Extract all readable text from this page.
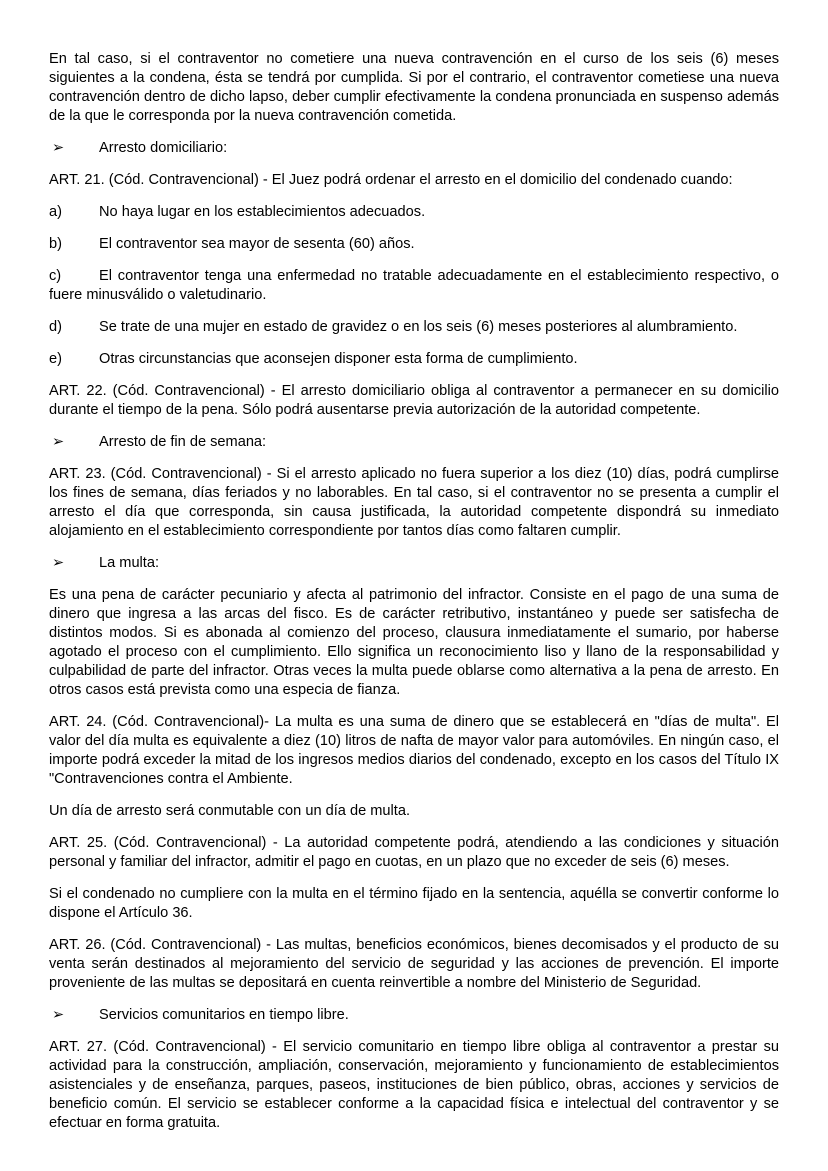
En tal caso, si el contraventor no cometiere una nueva contravención en el curso de los seis (6) meses siguientes a la condena, ésta se tendrá por cumplida. Si por el contrario, el contraventor cometiese una nueva contravención dentro de dicho lapso, deber cumplir efectivamente la condena pronunciada en suspenso además de la que le corresponda por la nueva contravención cometida.

➢	Arresto domiciliario:

ART. 21. (Cód. Contravencional) - El Juez podrá ordenar el arresto en el domicilio del condenado cuando:

a)	No haya lugar en los establecimientos adecuados.
b)	El contraventor sea mayor de sesenta (60) años.

c)	El contraventor tenga una enfermedad no tratable adecuadamente en el establecimiento respectivo, o fuere minusválido o valetudinario.

d)	Se trate de una mujer en estado de gravidez o en los seis (6) meses posteriores al alumbramiento.
e)	Otras circunstancias que aconsejen disponer esta forma de cumplimiento.

ART. 22. (Cód. Contravencional) - El arresto domiciliario obliga al contraventor a permanecer en su domicilio durante el tiempo de la pena. Sólo podrá ausentarse previa autorización de la autoridad competente.

➢	Arresto de fin de semana:

ART. 23. (Cód. Contravencional) - Si el arresto aplicado no fuera superior a los diez (10) días, podrá cumplirse los fines de semana, días feriados y no laborables. En tal caso, si el contraventor no se presenta a cumplir el arresto el día que corresponda, sin causa justificada, la autoridad competente dispondrá su inmediato alojamiento en el establecimiento correspondiente por tantos días como faltaren cumplir.

➢	La multa:

Es una pena de carácter pecuniario y afecta al patrimonio del infractor. Consiste en el pago de una suma de dinero que ingresa a las arcas del fisco. Es de carácter retributivo, instantáneo y puede ser satisfecha de distintos modos. Si es abonada al comienzo del proceso, clausura inmediatamente el sumario, por haberse agotado el proceso con el cumplimiento. Ello significa un reconocimiento liso y llano de la responsabilidad y culpabilidad de parte del infractor. Otras veces la multa puede oblarse como alternativa a la pena de arresto. En otros casos está prevista como una especia de fianza.

ART. 24. (Cód. Contravencional)- La multa es una suma de dinero que se establecerá en "días de multa". El valor del día multa es equivalente a diez (10) litros de nafta de mayor valor para automóviles. En ningún caso, el importe podrá exceder la mitad de los ingresos medios diarios del condenado, excepto en los casos del Título IX "Contravenciones contra el Ambiente.

Un día de arresto será conmutable con un día de multa.

ART. 25. (Cód. Contravencional) - La autoridad competente podrá, atendiendo a las condiciones y situación personal y familiar del infractor, admitir el pago en cuotas, en un plazo que no exceder de seis (6) meses.

Si el condenado no cumpliere con la multa en el término fijado en la sentencia, aquélla se convertir conforme lo dispone el Artículo 36.

ART. 26. (Cód. Contravencional) - Las multas, beneficios económicos, bienes decomisados y el producto de su venta serán destinados al mejoramiento del servicio de seguridad y las acciones de prevención. El importe proveniente de las multas se depositará en cuenta reinvertible a nombre del Ministerio de Seguridad.

➢	Servicios comunitarios en tiempo libre.

ART. 27. (Cód. Contravencional) - El servicio comunitario en tiempo libre obliga al contraventor a prestar su actividad para la construcción, ampliación, conservación, mejoramiento y funcionamiento de establecimientos asistenciales y de enseñanza, parques, paseos, instituciones de bien público, obras, acciones y servicios de beneficio común. El servicio se establecer conforme a la capacidad física e intelectual del contraventor y se efectuar en forma gratuita.
